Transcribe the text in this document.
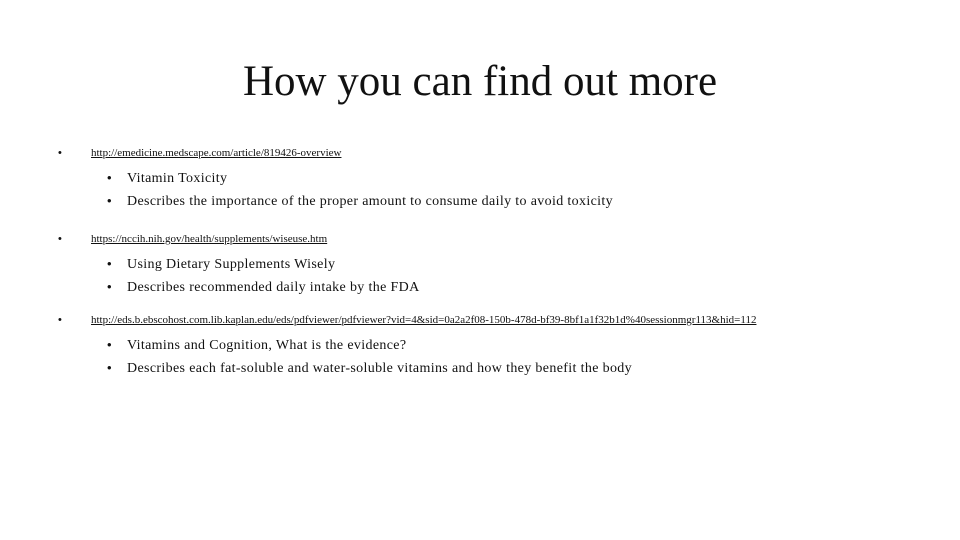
How you can find out more
•	http://emedicine.medscape.com/article/819426-overview
•	Vitamin Toxicity
•	Describes the importance of the proper amount to consume daily to avoid toxicity
•	https://nccih.nih.gov/health/supplements/wiseuse.htm
•	Using Dietary Supplements Wisely
•	Describes recommended daily intake by the FDA
•	http://eds.b.ebscohost.com.lib.kaplan.edu/eds/pdfviewer/pdfviewer?vid=4&sid=0a2a2f08-150b-478d-bf39-8bf1a1f32b1d%40sessionmgr113&hid=112
•	Vitamins and Cognition, What is the evidence?
•	Describes each fat-soluble and water-soluble vitamins and how they benefit the body
